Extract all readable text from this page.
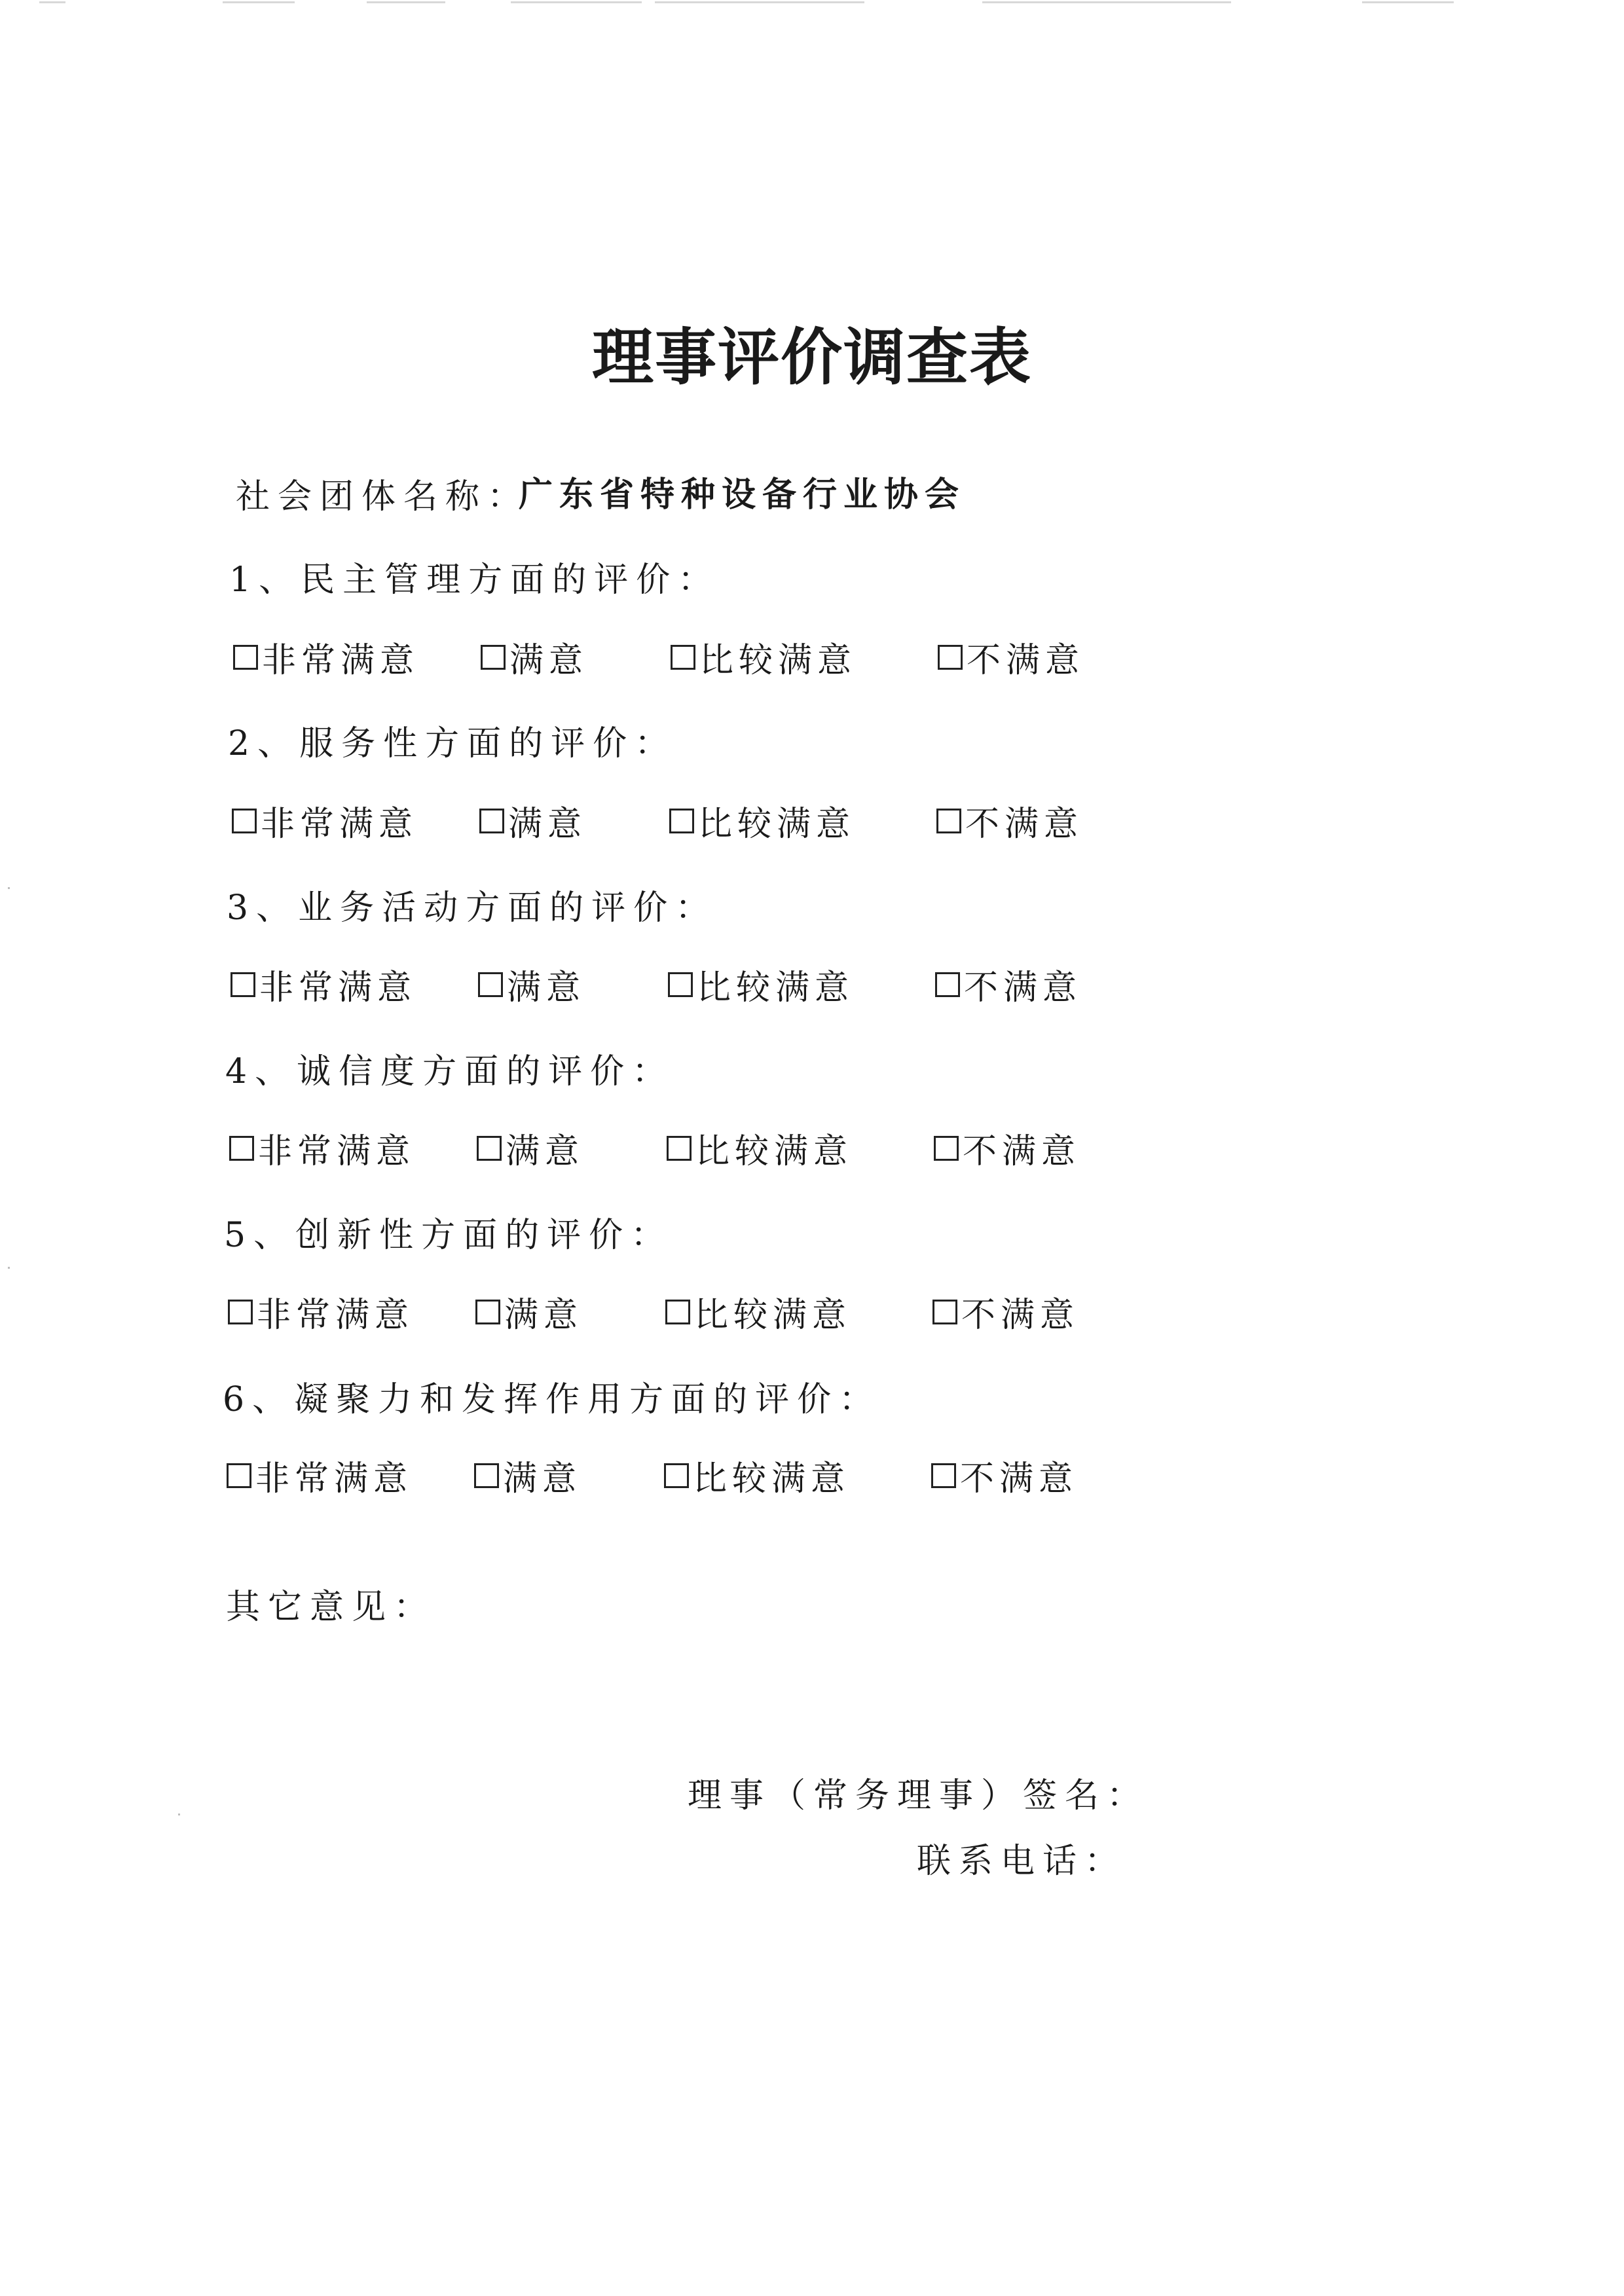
理事评价调查表
社会团体名称：
广东省特种设备行业协会
1、民主管理方面的评价：
非常满意	满意	比较满意	不满意
2、服务性方面的评价：
非常满意	满意	比较满意	不满意
3、业务活动方面的评价：
非常满意	满意	比较满意	不满意
4、诚信度方面的评价：
非常满意	满意	比较满意	不满意
5、创新性方面的评价：
非常满意	满意	比较满意	不满意
6、凝聚力和发挥作用方面的评价：
非常满意	满意	比较满意	不满意
其它意见：
理事（常务理事）签名：
联系电话：
